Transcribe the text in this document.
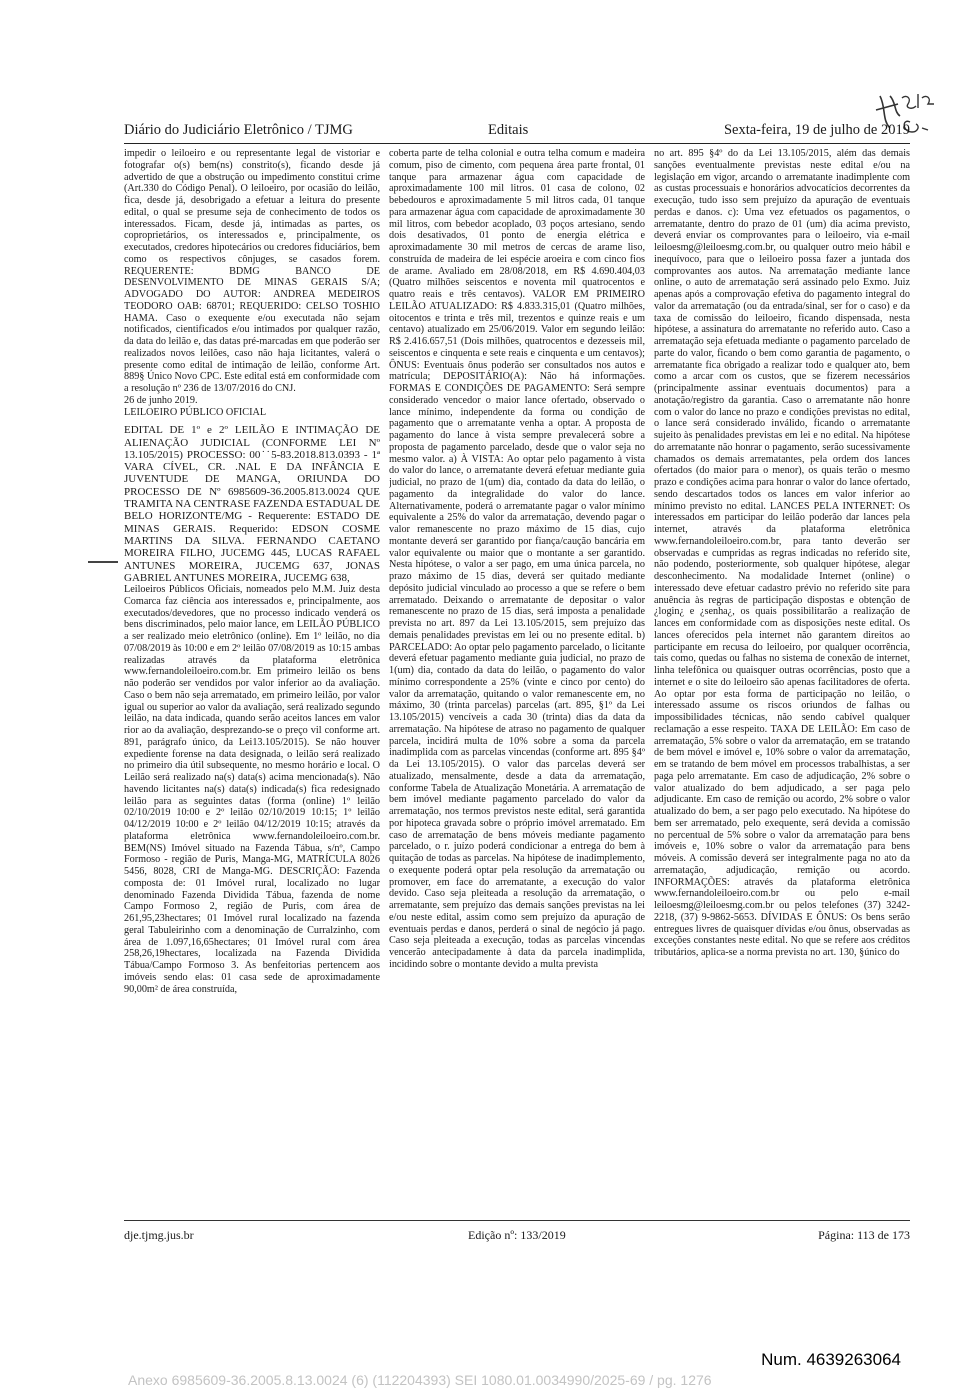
Diário do Judiciário Eletrônico / TJMG	Editais	Sexta-feira, 19 de julho de 2019

impedir o leiloeiro e ou representante legal de vistoriar e fotografar o(s) bem(ns) constrito(s), ficando desde já advertido de que a obstrução ou impedimento constitui crime (Art.330 do Código Penal). O leiloeiro, por ocasião do leilão, fica, desde já, desobrigado a efetuar a leitura do presente edital, o qual se presume seja de conhecimento de todos os interessados. Ficam, desde já, intimadas as partes, os coproprietários, os interessados e, principalmente, os executados, credores hipotecários ou credores fiduciários, bem como os respectivos cônjuges, se casados forem. REQUERENTE: BDMG BANCO DE DESENVOLVIMENTO DE MINAS GERAIS S/A; ADVOGADO DO AUTOR: ANDREA MEDEIROS TEODORO OAB: 68701; REQUERIDO: CELSO TOSHIO HAMA. Caso o exequente e/ou executada não sejam notificados, cientificados e/ou intimados por qualquer razão, da data do leilão e, das datas pré-marcadas em que poderão ser realizados novos leilões, caso não haja licitantes, valerá o presente como edital de intimação de leilão, conforme Art. 889§ Único Novo CPC. Este edital está em conformidade com a resolução nº 236 de 13/07/2016 do CNJ.

26 de junho 2019.

LEILOEIRO PÚBLICO OFICIAL

EDITAL DE 1º e 2º LEILÃO E INTIMAÇÃO DE ALIENAÇÃO JUDICIAL (CONFORME LEI Nº 13.105/2015) PROCESSO: 00˙˙5-83.2018.813.0393 - 1ª VARA CÍVEL, CR. .NAL E DA INFÂNCIA E JUVENTUDE DE MANGA, ORIUNDA DO PROCESSO DE Nº 6985609-36.2005.813.0024 QUE TRAMITA NA CENTRASE FAZENDA ESTADUAL DE BELO HORIZONTE/MG - Requerente: ESTADO DE MINAS GERAIS. Requerido: EDSON COSME MARTINS DA SILVA. FERNANDO CAETANO MOREIRA FILHO, JUCEMG 445, LUCAS RAFAEL ANTUNES MOREIRA, JUCEMG 637, JONAS GABRIEL ANTUNES MOREIRA, JUCEMG 638,

Leiloeiros Públicos Oficiais, nomeados pelo M.M. Juiz desta Comarca faz ciência aos interessados e, principalmente, aos executados/devedores, que no processo indicado venderá os bens discriminados, pelo maior lance, em LEILÃO PÚBLICO a ser realizado meio eletrônico (online). Em 1º leilão, no dia 07/08/2019 às 10:00 e em 2º leilão 07/08/2019 as 10:15 ambas realizadas através da plataforma eletrônica www.fernandoleiloeiro.com.br. Em primeiro leilão os bens não poderão ser vendidos por valor inferior ao da avaliação. Caso o bem não seja arrematado, em primeiro leilão, por valor igual ou superior ao valor da avaliação, será realizado segundo leilão, na data indicada, quando serão aceitos lances em valor rior ao da avaliação, desprezando-se o preço vil conforme art. 891, parágrafo único, da Lei13.105/2015). Se não houver expediente forense na data designada, o leilão será realizado no primeiro dia útil subsequente, no mesmo horário e local. O Leilão será realizado na(s) data(s) acima mencionada(s). Não havendo licitantes na(s) data(s) indicada(s) fica redesignado leilão para as seguintes datas (forma (online) 1º leilão 02/10/2019 10:00 e 2º leilão 02/10/2019 10:15; 1º leilão 04/12/2019 10:00 e 2º leilão 04/12/2019 10:15; através da plataforma eletrônica www.fernandoleiloeiro.com.br. BEM(NS) Imóvel situado na Fazenda Tábua, s/nº, Campo Formoso - região de Puris, Manga-MG, MATRÍCULA 8026 5456, 8028, CRI de Manga-MG. DESCRIÇÃO: Fazenda composta de: 01 Imóvel rural, localizado no lugar denominado Fazenda Dividida Tábua, fazenda de nome Campo Formoso 2, região de Puris, com área de 261,95,23hectares; 01 Imóvel rural localizado na fazenda geral Tabuleirinho com a denominação de Curralzinho, com área de 1.097,16,65hectares; 01 Imóvel rural com área 258,26,19hectares, localizada na Fazenda Dividida Tábua/Campo Formoso 3. As benfeitorias pertencem aos imóveis sendo elas: 01 casa sede de aproximadamente 90,00m² de área construída,

coberta parte de telha colonial e outra telha comum e madeira comum, piso de cimento, com pequena área parte frontal, 01 tanque para armazenar água com capacidade de aproximadamente 100 mil litros. 01 casa de colono, 02 bebedouros e aproximadamente 5 mil litros cada, 01 tanque para armazenar água com capacidade de aproximadamente 30 mil litros, com bebedor acoplado, 03 poços artesiano, sendo dois desativados, 01 ponto de energia elétrica e aproximadamente 30 mil metros de cercas de arame liso, construída de madeira de lei espécie aroeira e com cinco fios de arame. Avaliado em 28/08/2018, em R$ 4.690.404,03 (Quatro milhões seiscentos e noventa mil quatrocentos e quatro reais e três centavos). VALOR EM PRIMEIRO LEILÃO ATUALIZADO: R$ 4.833.315,01 (Quatro milhões, oitocentos e trinta e três mil, trezentos e quinze reais e um centavo) atualizado em 25/06/2019. Valor em segundo leilão: R$ 2.416.657,51 (Dois milhões, quatrocentos e dezesseis mil, seiscentos e cinquenta e sete reais e cinquenta e um centavos); ÔNUS: Eventuais ônus poderão ser consultados nos autos e matrícula; DEPOSITÁRIO(A): Não há informações. FORMAS E CONDIÇÕES DE PAGAMENTO: Será sempre considerado vencedor o maior lance ofertado, observado o lance mínimo, independente da forma ou condição de pagamento que o arrematante venha a optar. A proposta de pagamento do lance à vista sempre prevalecerá sobre a proposta de pagamento parcelado, desde que o valor seja no mesmo valor. a) À VISTA: Ao optar pelo pagamento à vista do valor do lance, o arrematante deverá efetuar mediante guia judicial, no prazo de 1(um) dia, contado da data do leilão, o pagamento da integralidade do valor do lance. Alternativamente, poderá o arrematante pagar o valor mínimo equivalente a 25% do valor da arrematação, devendo pagar o valor remanescente no prazo máximo de 15 dias, cujo montante deverá ser garantido por fiança/caução bancária em valor equivalente ou maior que o montante a ser garantido. Nesta hipótese, o valor a ser pago, em uma única parcela, no prazo máximo de 15 dias, deverá ser quitado mediante depósito judicial vinculado ao processo a que se refere o bem arrematado. Deixando o arrematante de depositar o valor remanescente no prazo de 15 dias, será imposta a penalidade prevista no art. 897 da Lei 13.105/2015, sem prejuízo das demais penalidades previstas em lei ou no presente edital. b) PARCELADO: Ao optar pelo pagamento parcelado, o licitante deverá efetuar pagamento mediante guia judicial, no prazo de 1(um) dia, contado da data do leilão, o pagamento do valor mínimo correspondente a 25% (vinte e cinco por cento) do valor da arrematação, quitando o valor remanescente em, no máximo, 30 (trinta parcelas) parcelas (art. 895, §1º da Lei 13.105/2015) vencíveis a cada 30 (trinta) dias da data da arrematação. Na hipótese de atraso no pagamento de qualquer parcela, incidirá multa de 10% sobre a soma da parcela inadimplida com as parcelas vincendas (conforme art. 895 §4º da Lei 13.105/2015). O valor das parcelas deverá ser atualizado, mensalmente, desde a data da arrematação, conforme Tabela de Atualização Monetária. A arrematação de bem imóvel mediante pagamento parcelado do valor da arrematação, nos termos previstos neste edital, será garantida por hipoteca gravada sobre o próprio imóvel arrematado. Em caso de arrematação de bens móveis mediante pagamento parcelado, o r. juízo poderá condicionar a entrega do bem à quitação de todas as parcelas. Na hipótese de inadimplemento, o exequente poderá optar pela resolução da arrematação ou promover, em face do arrematante, a execução do valor devido. Caso seja pleiteada a resolução da arrematação, o arrematante, sem prejuízo das demais sanções previstas na lei e/ou neste edital, assim como sem prejuízo da apuração de eventuais perdas e danos, perderá o sinal de negócio já pago. Caso seja pleiteada a execução, todas as parcelas vincendas vencerão antecipadamente à data da parcela inadimplida, incidindo sobre o montante devido a multa prevista

no art. 895 §4º do da Lei 13.105/2015, além das demais sanções eventualmente previstas neste edital e/ou na legislação em vigor, arcando o arrematante inadimplente com as custas processuais e honorários advocatícios decorrentes da execução, tudo isso sem prejuízo da apuração de eventuais perdas e danos. c): Uma vez efetuados os pagamentos, o arrematante, dentro do prazo de 01 (um) dia acima previsto, deverá enviar os comprovantes para o leiloeiro, via e-mail leiloesmg@leiloesmg.com.br, ou qualquer outro meio hábil e inequívoco, para que o leiloeiro possa fazer a juntada dos comprovantes aos autos. Na arrematação mediante lance online, o auto de arrematação será assinado pelo Exmo. Juiz apenas após a comprovação efetiva do pagamento integral do valor da arrematação (ou da entrada/sinal, ser for o caso) e da taxa de comissão do leiloeiro, ficando dispensada, nesta hipótese, a assinatura do arrematante no referido auto. Caso a arrematação seja efetuada mediante o pagamento parcelado de parte do valor, ficando o bem como garantia de pagamento, o arrematante fica obrigado a realizar todo e qualquer ato, bem como a arcar com os custos, que se fizerem necessários (principalmente assinar eventuais documentos) para a anotação/registro da garantia. Caso o arrematante não honre com o valor do lance no prazo e condições previstas no edital, o lance será considerado inválido, ficando o arrematante sujeito às penalidades previstas em lei e no edital. Na hipótese do arrematante não honrar o pagamento, serão sucessivamente chamados os demais arrematantes, pela ordem dos lances ofertados (do maior para o menor), os quais terão o mesmo prazo e condições acima para honrar o valor do lance ofertado, sendo descartados todos os lances em valor inferior ao mínimo previsto no edital. LANCES PELA INTERNET: Os interessados em participar do leilão poderão dar lances pela internet, através da plataforma eletrônica www.fernandoleiloeiro.com.br, para tanto deverão ser observadas e cumpridas as regras indicadas no referido site, não podendo, posteriormente, sob qualquer hipótese, alegar desconhecimento. Na modalidade Internet (online) o interessado deve efetuar cadastro prévio no referido site para anuência às regras de participação dispostas e obtenção de ¿login¿ e ¿senha¿, os quais possibilitarão a realização de lances em conformidade com as disposições neste edital. Os lances oferecidos pela internet não garantem direitos ao participante em recusa do leiloeiro, por qualquer ocorrência, tais como, quedas ou falhas no sistema de conexão de internet, linha telefônica ou quaisquer outras ocorrências, posto que a internet e o site do leiloeiro são apenas facilitadores de oferta. Ao optar por esta forma de participação no leilão, o interessado assume os riscos oriundos de falhas ou impossibilidades técnicas, não sendo cabível qualquer reclamação a esse respeito. TAXA DE LEILÃO: Em caso de arrematação, 5% sobre o valor da arrematação, em se tratando de bem móvel e imóvel e, 10% sobre o valor da arrematação, em se tratando de bem móvel em processos trabalhistas, a ser paga pelo arrematante. Em caso de adjudicação, 2% sobre o valor atualizado do bem adjudicado, a ser paga pelo adjudicante. Em caso de remição ou acordo, 2% sobre o valor atualizado do bem, a ser pago pelo executado. Na hipótese do bem ser arrematado, pelo exequente, será devida a comissão no percentual de 5% sobre o valor da arrematação para bens imóveis e, 10% sobre o valor da arrematação para bens móveis. A comissão deverá ser integralmente paga no ato da arrematação, adjudicação, remição ou acordo. INFORMAÇÕES: através da plataforma eletrônica www.fernandoleiloeiro.com.br ou pelo e-mail leiloesmg@leiloesmg.com.br ou pelos telefones (37) 3242-2218, (37) 9-9862-5653. DÍVIDAS E ÔNUS: Os bens serão entregues livres de quaisquer dívidas e/ou ônus, observadas as exceções constantes neste edital. No que se refere aos créditos tributários, aplica-se a norma prevista no art. 130, §único do

dje.tjmg.jus.br	Edição nº: 133/2019	Página: 113 de 173
Num. 4639263064
Anexo 6985609-36.2005.8.13.0024 (6) (112204393) SEI 1080.01.0034990/2025-69 / pg. 1276
